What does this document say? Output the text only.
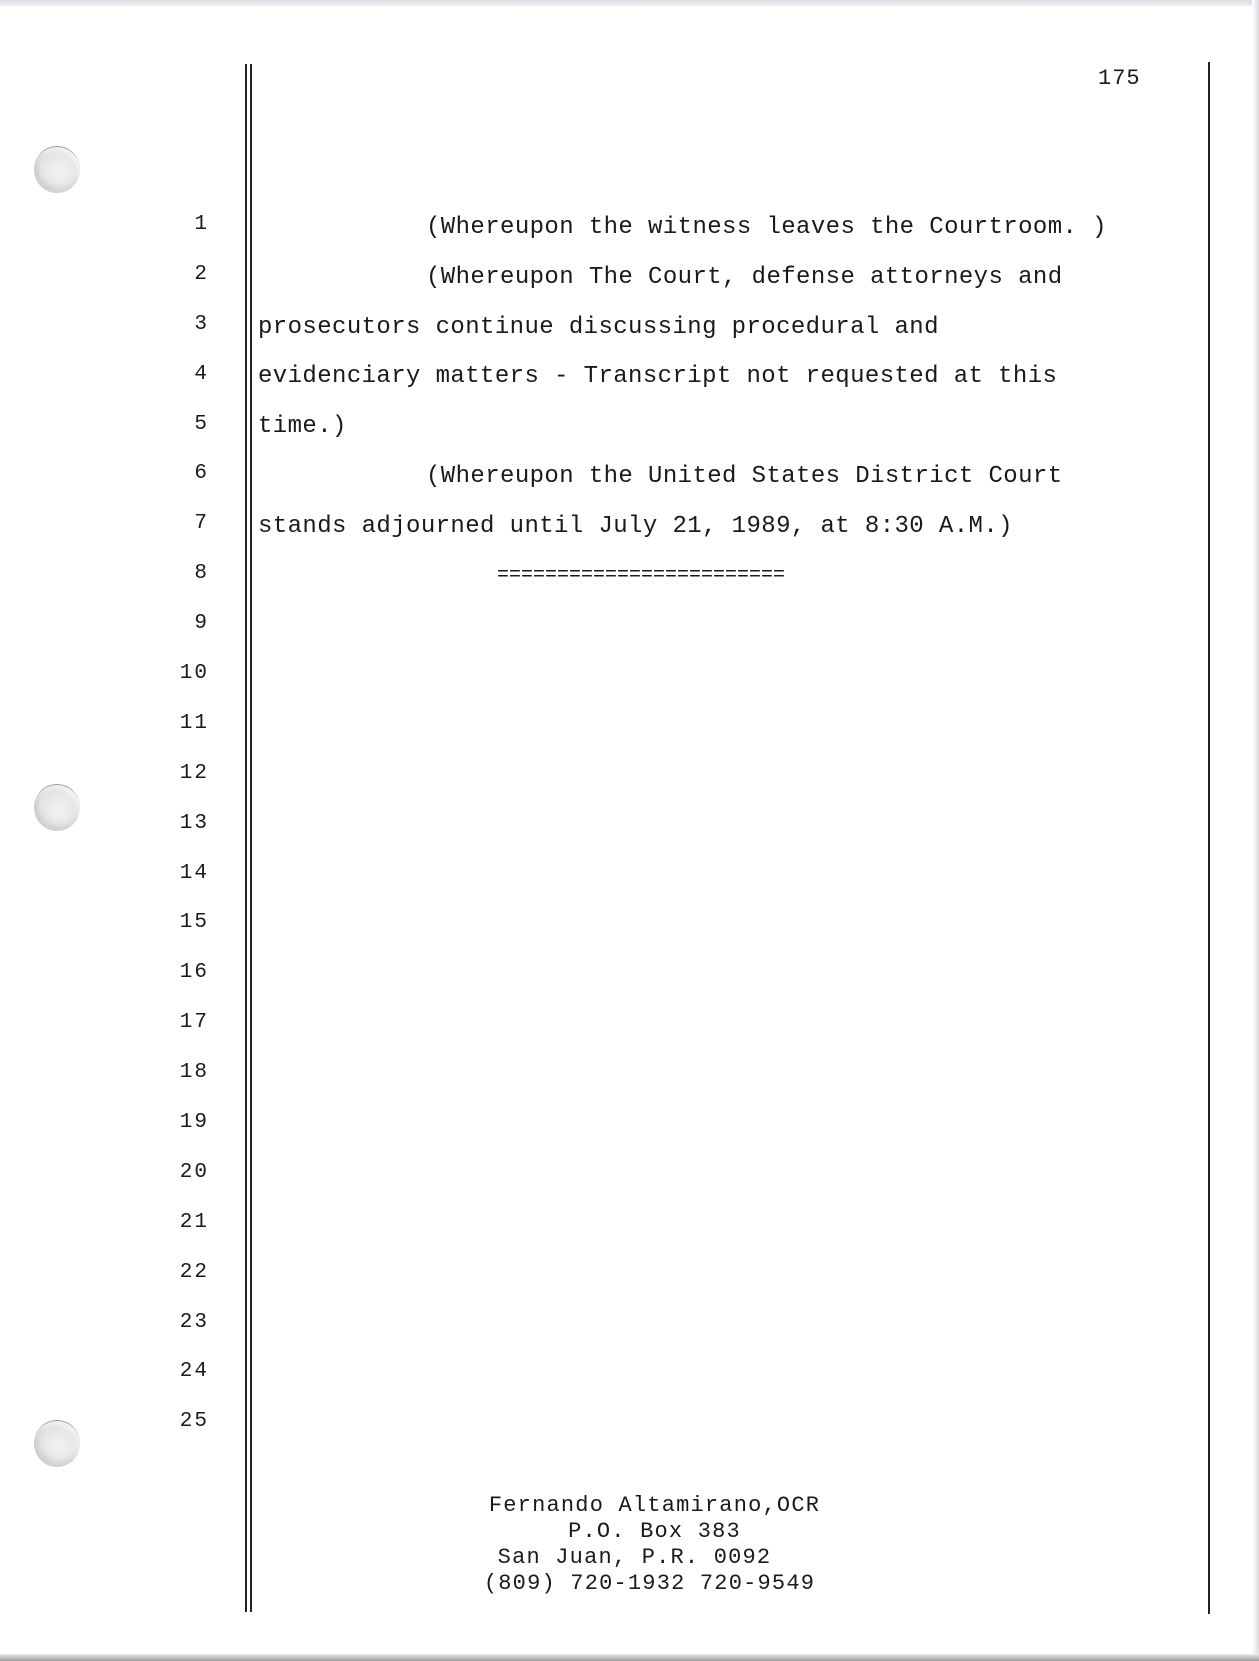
175
1
2
3
4
5
6
7
8
9
10
11
12
13
14
15
16
17
18
19
20
21
22
23
24
25
(Whereupon the witness leaves the Courtroom. )
(Whereupon The Court, defense attorneys and
prosecutors continue discussing procedural and
evidenciary matters - Transcript not requested at this
time.)
(Whereupon the United States District Court
stands adjourned until July 21, 1989, at 8:30 A.M.)
========================
Fernando Altamirano,OCR
P.O. Box 383
San Juan, P.R. 0092
(809) 720-1932 720-9549
